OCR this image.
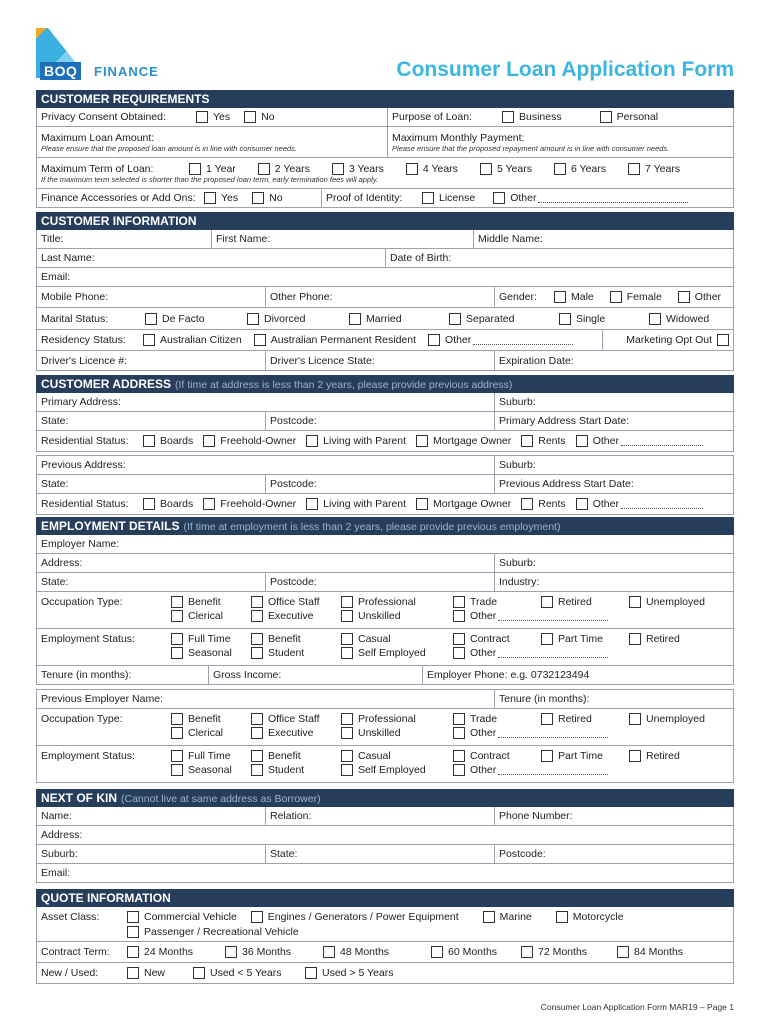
BOQ	FINANCE	Consumer Loan Application Form
CUSTOMER REQUIREMENTS
Privacy Consent Obtained:	Yes	No	Purpose of Loan:	Business	Personal
Maximum Loan Amount:
Please ensure that the proposed loan amount is in line with consumer needs.
Maximum Monthly Payment:
Please ensure that the proposed repayment amount is in line with consumer needs.
Maximum Term of Loan:	1 Year	2 Years	3 Years	4 Years	5 Years	6 Years	7 Years
If the maximum term selected is shorter than the proposed loan term, early termination fees will apply.
Finance Accessories or Add Ons:	Yes	No	Proof of Identity:	License	Other
CUSTOMER INFORMATION
Title:	First Name:	Middle Name:
Last Name:	Date of Birth:
Email:
Mobile Phone:	Other Phone:	Gender:	Male	Female	Other
Marital Status:	De Facto	Divorced	Married	Separated	Single	Widowed
Residency Status:	Australian Citizen	Australian Permanent Resident	Other	Marketing Opt Out
Driver's Licence #:	Driver's Licence State:	Expiration Date:
CUSTOMER ADDRESS (If time at address is less than 2 years, please provide previous address)
Primary Address:	Suburb:
State:	Postcode:	Primary Address Start Date:
Residential Status:	Boards	Freehold-Owner	Living with Parent	Mortgage Owner	Rents	Other
Previous Address:	Suburb:
State:	Postcode:	Previous Address Start Date:
Residential Status:	Boards	Freehold-Owner	Living with Parent	Mortgage Owner	Rents	Other
EMPLOYMENT DETAILS (If time at employment is less than 2 years, please provide previous employment)
Employer Name:
Address:	Suburb:
State:	Postcode:	Industry:
Occupation Type:	Benefit	Office Staff	Professional	Trade	Retired	Unemployed
Clerical	Executive	Unskilled	Other
Employment Status:	Full Time	Benefit	Casual	Contract	Part Time	Retired
Seasonal	Student	Self Employed	Other
Tenure (in months):	Gross Income:	Employer Phone: e.g. 0732123494
Previous Employer Name:	Tenure (in months):
Occupation Type:	Benefit	Office Staff	Professional	Trade	Retired	Unemployed
Clerical	Executive	Unskilled	Other
Employment Status:	Full Time	Benefit	Casual	Contract	Part Time	Retired
Seasonal	Student	Self Employed	Other
NEXT OF KIN (Cannot live at same address as Borrower)
Name:	Relation:	Phone Number:
Address:
Suburb:	State:	Postcode:
Email:
QUOTE INFORMATION
Asset Class:	Commercial Vehicle	Engines / Generators / Power Equipment	Marine	Motorcycle
Passenger / Recreational Vehicle
Contract Term:	24 Months	36 Months	48 Months	60 Months	72 Months	84 Months
New / Used:	New	Used < 5 Years	Used > 5 Years
Consumer Loan Application Form MAR19 – Page 1
